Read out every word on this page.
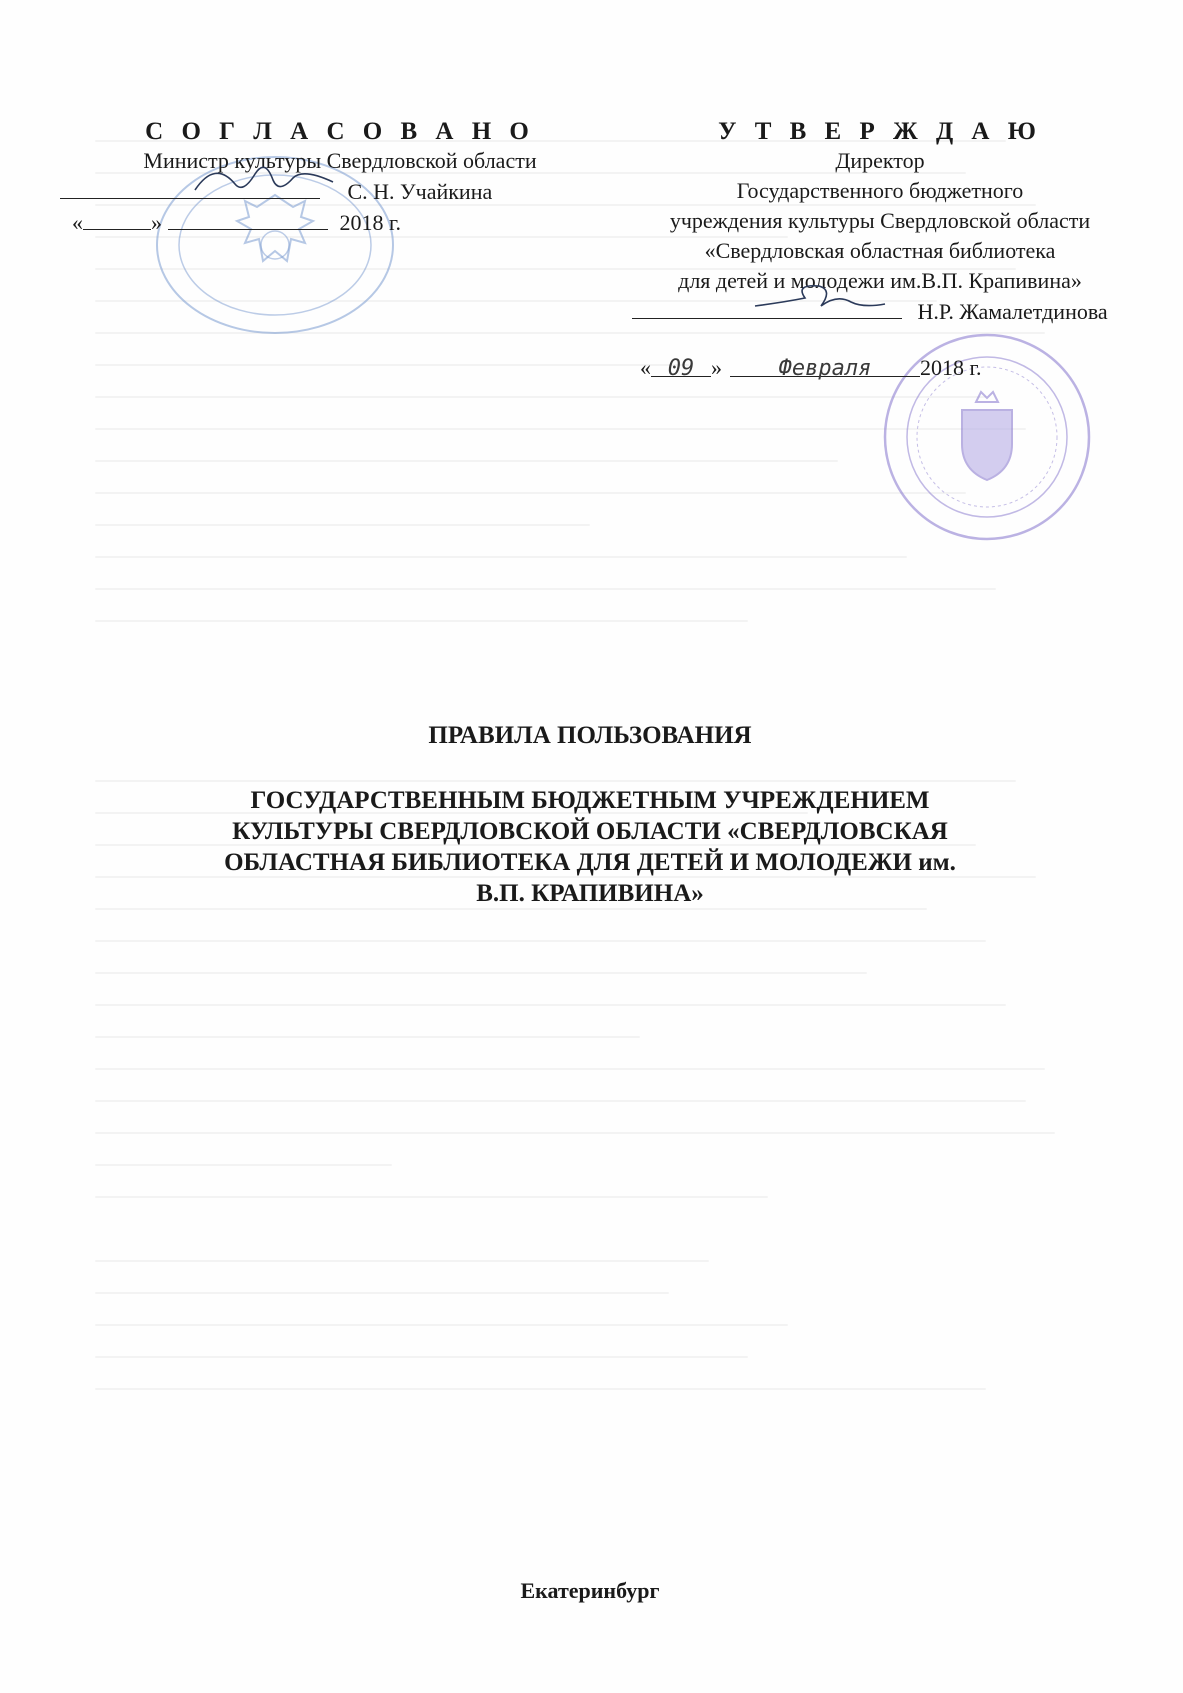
С О Г Л А С О В А Н О
Министр культуры Свердловской области
С. Н. Учайкина
«	»	2018 г.
У Т В Е Р Ж Д А Ю
Директор
Государственного бюджетного
учреждения культуры Свердловской области
«Свердловская областная библиотека
для детей и молодежи им.В.П. Крапивина»
Н.Р. Жамалетдинова
« 09 »	Февраля 2018 г.
ПРАВИЛА ПОЛЬЗОВАНИЯ
ГОСУДАРСТВЕННЫМ БЮДЖЕТНЫМ УЧРЕЖДЕНИЕМ
КУЛЬТУРЫ СВЕРДЛОВСКОЙ ОБЛАСТИ «СВЕРДЛОВСКАЯ
ОБЛАСТНАЯ БИБЛИОТЕКА ДЛЯ ДЕТЕЙ И МОЛОДЕЖИ им.
В.П. КРАПИВИНА»
Екатеринбург
